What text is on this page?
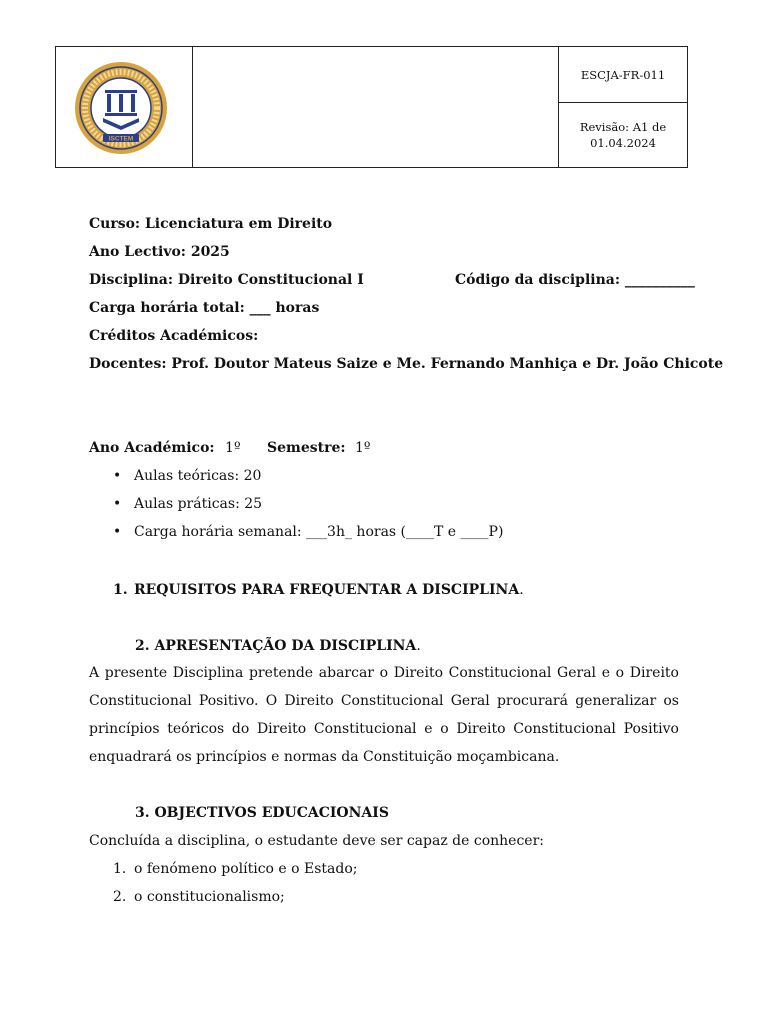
ISCTEM
ESCJA-FR-011
Revisão: A1 de 01.04.2024
Curso: Licenciatura em Direito
Ano Lectivo: 2025
Disciplina: Direito Constitucional I	Código da disciplina: __________
Carga horária total: ___ horas
Créditos Académicos:
Docentes: Prof. Doutor Mateus Saize e Me. Fernando Manhiça e Dr. João Chicote
Ano Académico: 1º	Semestre: 1º
• Aulas teóricas: 20
• Aulas práticas: 25
• Carga horária semanal: ___3h_ horas (____T e ____P)
1. REQUISITOS PARA FREQUENTAR A DISCIPLINA.
2. APRESENTAÇÃO DA DISCIPLINA.
A presente Disciplina pretende abarcar o Direito Constitucional Geral e o Direito Constitucional Positivo. O Direito Constitucional Geral procurará generalizar os princípios teóricos do Direito Constitucional e o Direito Constitucional Positivo enquadrará os princípios e normas da Constituição moçambicana.
3. OBJECTIVOS EDUCACIONAIS
Concluída a disciplina, o estudante deve ser capaz de conhecer:
1. o fenómeno político e o Estado;
2. o constitucionalismo;
